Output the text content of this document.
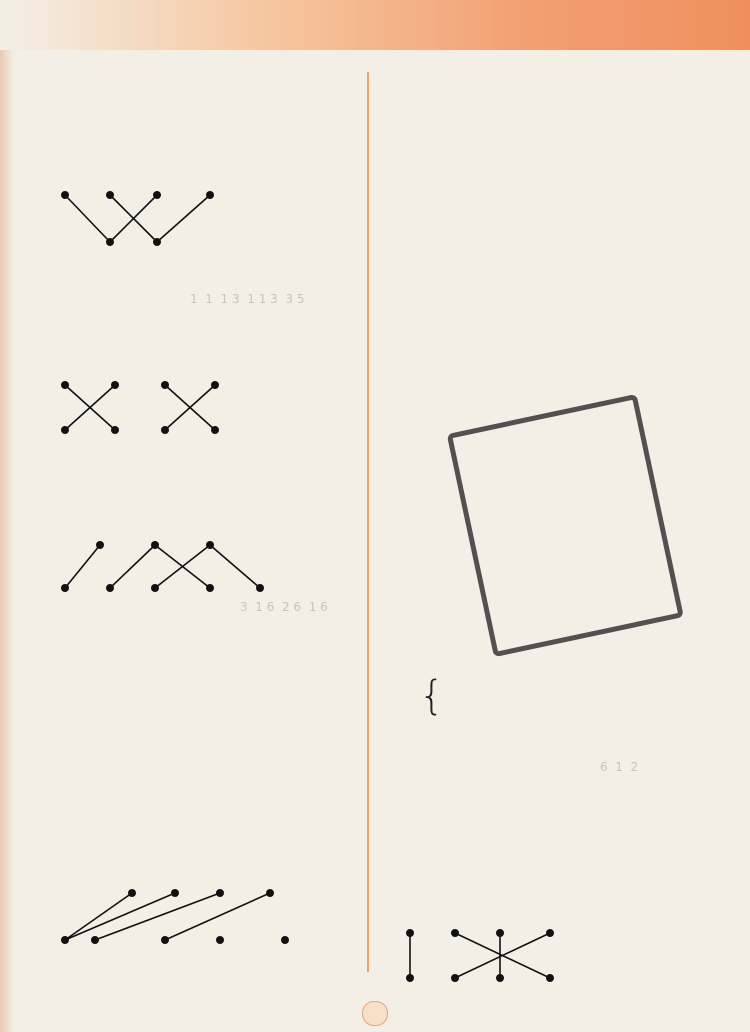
1  1  1 3  1 1 3  3 5
3  1 6  2 6  1 6
6  1  2
{
